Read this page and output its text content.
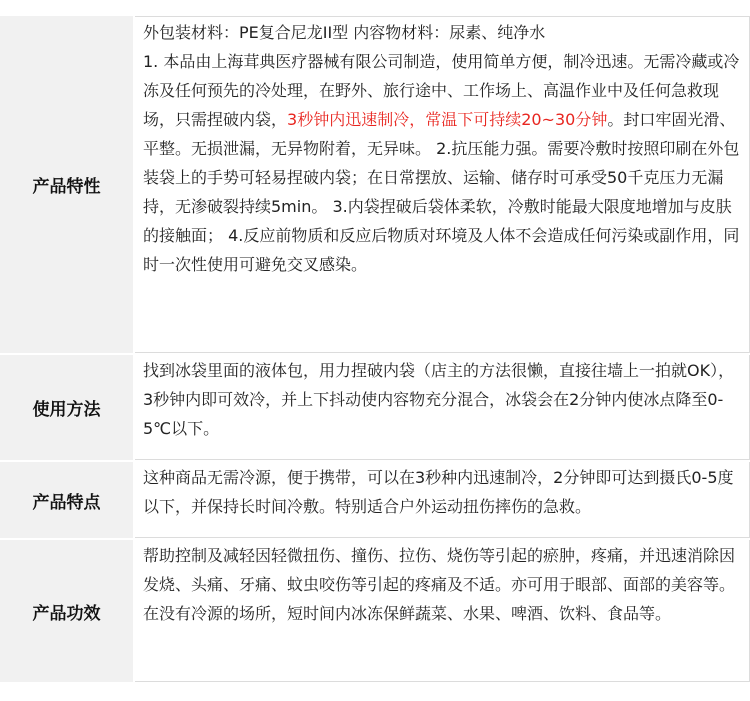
产品特性
外包装材料：PE复合尼龙II型 内容物材料：尿素、纯净水
1. 本品由上海茸典医疗器械有限公司制造，使用简单方便，制冷迅速。无需冷藏或冷冻及任何预先的冷处理，在野外、旅行途中、工作场上、高温作业中及任何急救现场，只需捏破内袋，3秒钟内迅速制冷，常温下可持续20~30分钟。封口牢固光滑、平整。无损泄漏，无异物附着，无异味。 2.抗压能力强。需要冷敷时按照印刷在外包装袋上的手势可轻易捏破内袋；在日常摆放、运输、储存时可承受50千克压力无漏持，无渗破裂持续5min。 3.内袋捏破后袋体柔软，冷敷时能最大限度地增加与皮肤的接触面； 4.反应前物质和反应后物质对环境及人体不会造成任何污染或副作用，同时一次性使用可避免交叉感染。
使用方法
找到冰袋里面的液体包，用力捏破内袋（店主的方法很懒，直接往墙上一拍就OK），3秒钟内即可效冷，并上下抖动使内容物充分混合，冰袋会在2分钟内使冰点降至0-5℃以下。
产品特点
这种商品无需冷源，便于携带，可以在3秒种内迅速制冷，2分钟即可达到摄氏0-5度以下，并保持长时间冷敷。特别适合户外运动扭伤摔伤的急救。
产品功效
帮助控制及减轻因轻微扭伤、撞伤、拉伤、烧伤等引起的瘀肿，疼痛，并迅速消除因发烧、头痛、牙痛、蚊虫咬伤等引起的疼痛及不适。亦可用于眼部、面部的美容等。在没有冷源的场所，短时间内冰冻保鲜蔬菜、水果、啤酒、饮料、食品等。
